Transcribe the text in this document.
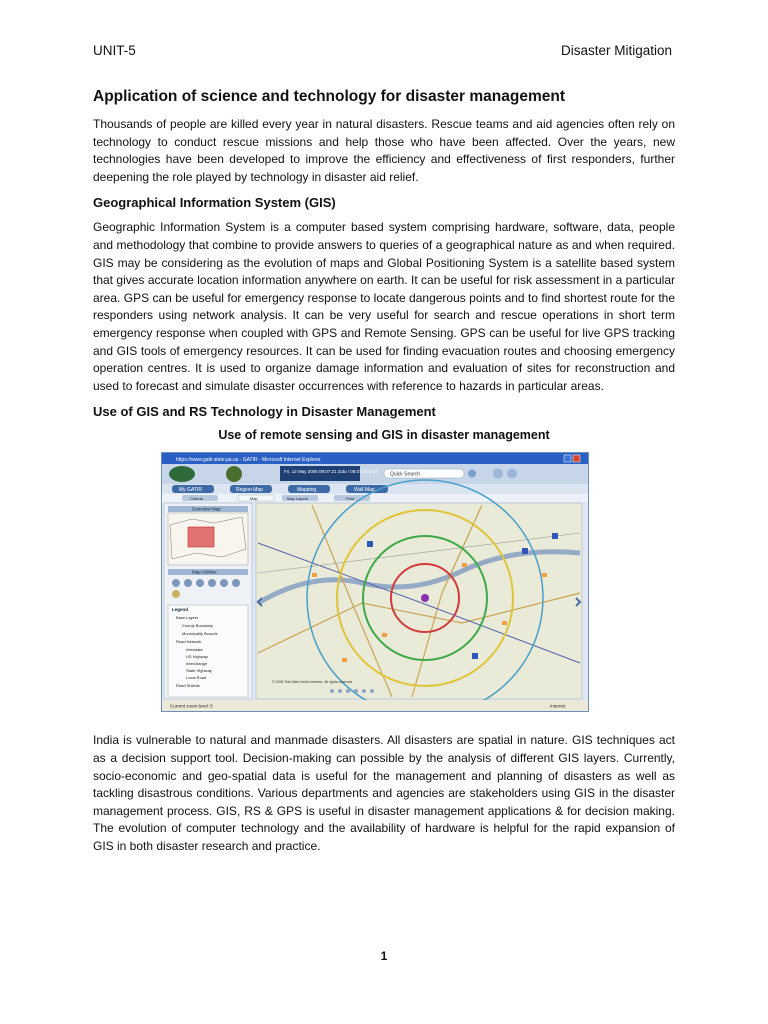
UNIT-5	Disaster Mitigation
Application of science and technology for disaster management

Thousands of people are killed every year in natural disasters. Rescue teams and aid agencies often rely on technology to conduct rescue missions and help those who have been affected. Over the years, new technologies have been developed to improve the efficiency and effectiveness of first responders, further deepening the role played by technology in disaster aid relief.

Geographical Information System (GIS)

Geographic Information System is a computer based system comprising hardware, software, data, people and methodology that combine to provide answers to queries of a geographical nature as and when required. GIS may be considering as the evolution of maps and Global Positioning System is a satellite based system that gives accurate location information anywhere on earth. It can be useful for risk assessment in a particular area. GPS can be useful for emergency response to locate dangerous points and to find shortest route for the responders using network analysis. It can be very useful for search and rescue operations in short term emergency response when coupled with GPS and Remote Sensing. GPS can be useful for live GPS tracking and GIS tools of emergency resources. It can be used for finding evacuation routes and choosing emergency operation centres. It is used to organize damage information and evaluation of sites for reconstruction and used to forecast and simulate disaster occurrences with reference to hazards in particular areas.

Use of GIS and RS Technology in Disaster Management
Use of remote sensing and GIS in disaster management
https://www.gatir.state.pa.us - GATIR - Microsoft Internet Explorer
Fri, 12 May 2006 09:07:21 Zulu / 05:07:21 EDT Quick Search
My GATIR	Region Map	Mapping	Wall Map
Criteria	Map	Map Layers	Print
Overview Map
Map Utilities
Legend
Base Layers
County Boundary
Municipality Bounds
Road Network
Interstate
US Highway
Interchange
State Highway
Local Road
Road Shields
© 2006 Tele Atlas North America. All rights reserved.
Current zoom level: 5	Internet

India is vulnerable to natural and manmade disasters. All disasters are spatial in nature. GIS techniques act as a decision support tool. Decision-making can possible by the analysis of different GIS layers. Currently, socio-economic and geo-spatial data is useful for the management and planning of disasters as well as tackling disastrous conditions. Various departments and agencies are stakeholders using GIS in the disaster management process. GIS, RS & GPS is useful in disaster management applications & for decision making. The evolution of computer technology and the availability of hardware is helpful for the rapid expansion of GIS in both disaster research and practice.

1
